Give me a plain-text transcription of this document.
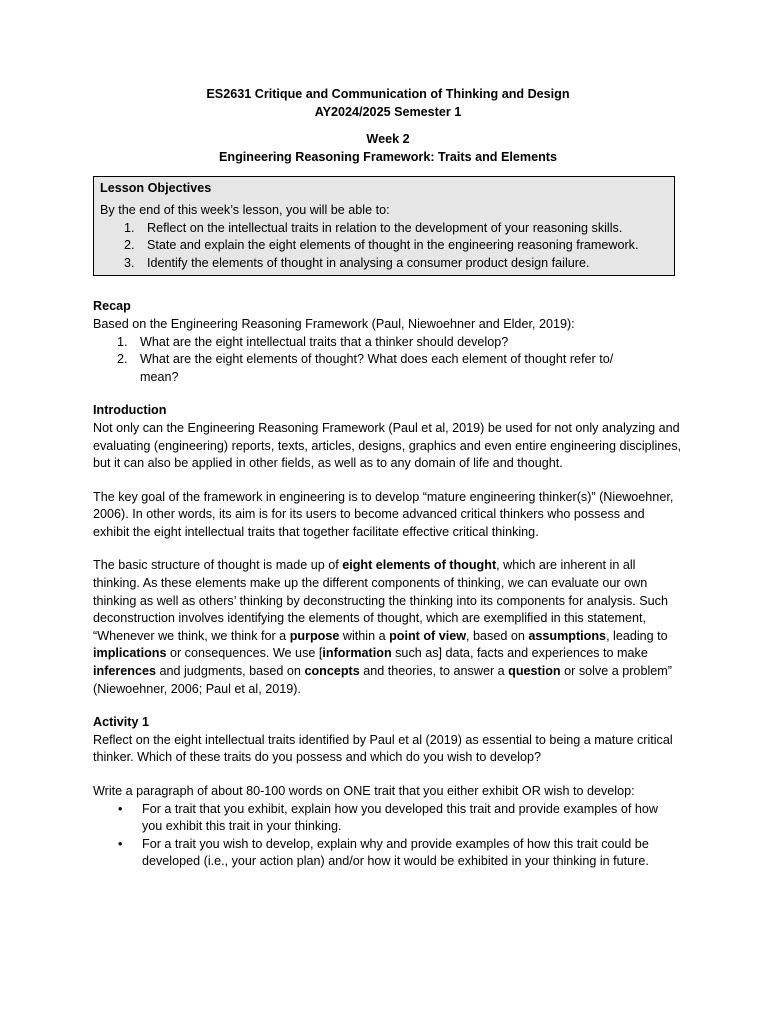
ES2631 Critique and Communication of Thinking and Design
AY2024/2025 Semester 1
Week 2
Engineering Reasoning Framework: Traits and Elements
Lesson Objectives
By the end of this week’s lesson, you will be able to:
1. Reflect on the intellectual traits in relation to the development of your reasoning skills.
2. State and explain the eight elements of thought in the engineering reasoning framework.
3. Identify the elements of thought in analysing a consumer product design failure.
Recap
Based on the Engineering Reasoning Framework (Paul, Niewoehner and Elder, 2019):
1. What are the eight intellectual traits that a thinker should develop?
2. What are the eight elements of thought? What does each element of thought refer to/ mean?
Introduction

Not only can the Engineering Reasoning Framework (Paul et al, 2019) be used for not only analyzing and evaluating (engineering) reports, texts, articles, designs, graphics and even entire engineering disciplines, but it can also be applied in other fields, as well as to any domain of life and thought.

The key goal of the framework in engineering is to develop “mature engineering thinker(s)” (Niewoehner, 2006). In other words, its aim is for its users to become advanced critical thinkers who possess and exhibit the eight intellectual traits that together facilitate effective critical thinking.

The basic structure of thought is made up of eight elements of thought, which are inherent in all thinking. As these elements make up the different components of thinking, we can evaluate our own thinking as well as others’ thinking by deconstructing the thinking into its components for analysis. Such deconstruction involves identifying the elements of thought, which are exemplified in this statement, “Whenever we think, we think for a purpose within a point of view, based on assumptions, leading to implications or consequences. We use [information such as] data, facts and experiences to make inferences and judgments, based on concepts and theories, to answer a question or solve a problem” (Niewoehner, 2006; Paul et al, 2019).

Activity 1

Reflect on the eight intellectual traits identified by Paul et al (2019) as essential to being a mature critical thinker. Which of these traits do you possess and which do you wish to develop?

Write a paragraph of about 80-100 words on ONE trait that you either exhibit OR wish to develop:

• For a trait that you exhibit, explain how you developed this trait and provide examples of how you exhibit this trait in your thinking.
• For a trait you wish to develop, explain why and provide examples of how this trait could be developed (i.e., your action plan) and/or how it would be exhibited in your thinking in future.
